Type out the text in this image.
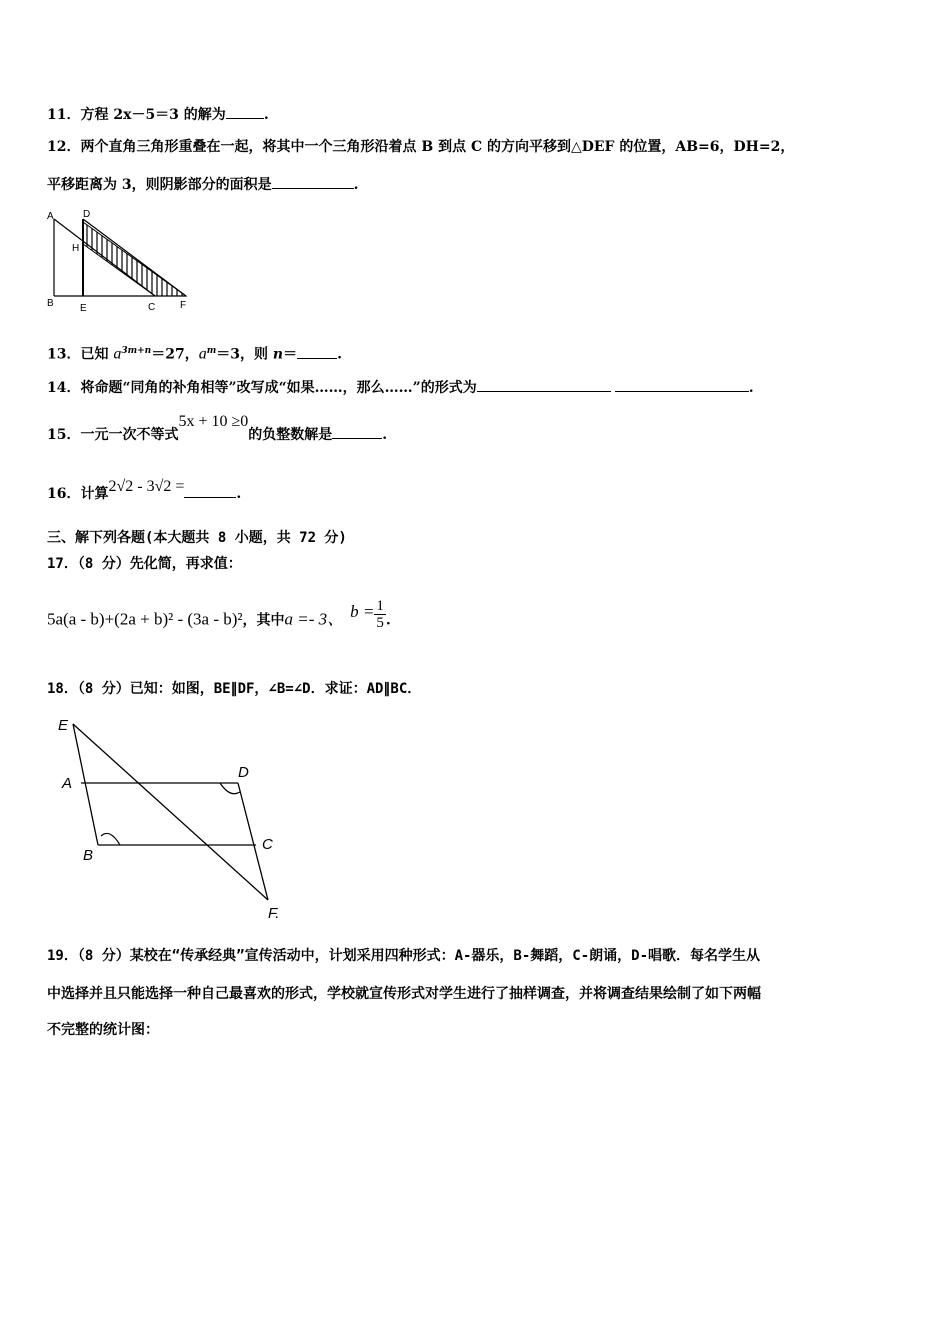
11．方程 2x－5＝3 的解为	.
12．两个直角三角形重叠在一起，将其中一个三角形沿着点 B 到点 C 的方向平移到△DEF 的位置，AB=6，DH=2，
平移距离为 3，则阴影部分的面积是	.
A	D
H
B	E	C F
13．已知 $a^{3m+n}=27$，$a^m=3$，则 n＝	.
14．将命题“同角的补角相等”改写成“如果……，那么……”的形式为	.
15．一元一次不等式5x + 10 ≥0的负整数解是	.
16．计算2√2 - 3√2 =	.
三、解下列各题(本大题共 8 小题，共 72 分)
17．（8 分）先化简，再求值：
5a(a - b)+(2a + b)² - (3a - b)²，其中a =- 3、 $b = \frac{1}{5}$ .
18．（8 分）已知：如图，BE∥DF，∠B=∠D．求证：AD∥BC．
E
A
D
B
C
F.
19．（8 分）某校在“传承经典”宣传活动中，计划采用四种形式：A-器乐，B-舞蹈，C-朗诵，D-唱歌．每名学生从
中选择并且只能选择一种自己最喜欢的形式，学校就宣传形式对学生进行了抽样调查，并将调查结果绘制了如下两幅
不完整的统计图：
